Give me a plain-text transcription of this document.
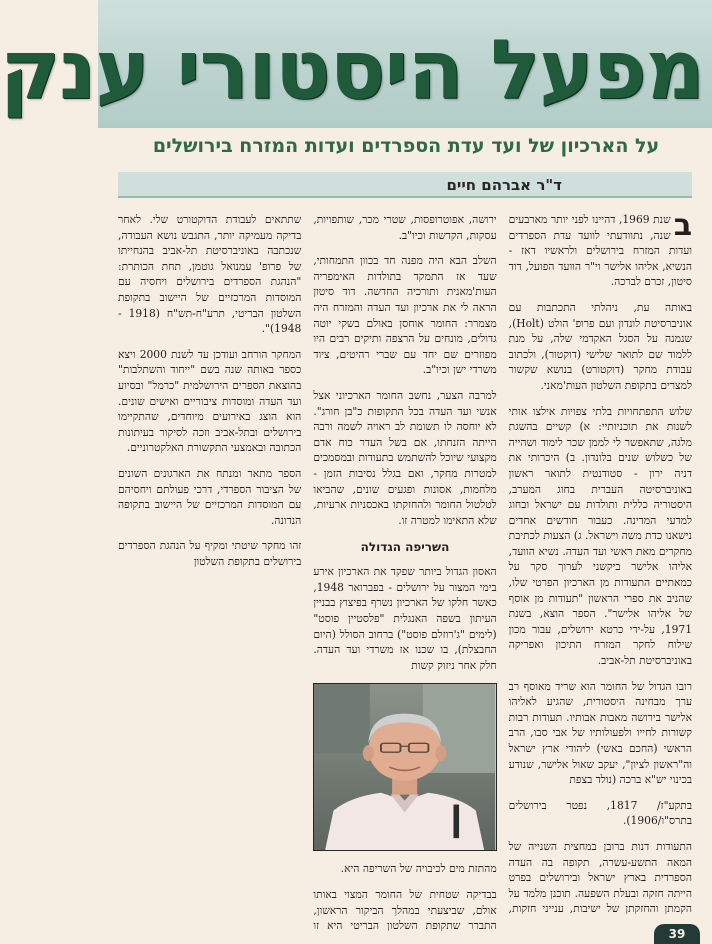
מפעל היסטורי ענק
על הארכיון של ועד עדת הספרדים ועדות המזרח בירושלים
ד"ר אברהם חיים

בשנת 1969, דהיינו לפני יותר מארבעים שנה, נתוודעתי לוועד עדת הספרדים ועדות המזרח בירושלים ולראשיו דאז - הנשיא, אליהו אלישר וי"ר הוועד הפועל, דוד סיטון, זכרם לברכה.

באותה עת, ניהלתי התכתבות עם אוניברסיטת לונדון ועם פרופ' הולט (Holt), שנמנה על הסגל האקדמי שלה, על מנת ללמוד שם לתואר שלישי (דוקטור), ולכתוב עבודת מחקר (דוקטורט) בנושא שקשור למצרים בתקופת השלטון העות'מאני.

שלוש התפתחויות בלתי צפויות אילצו אותי לשנות את תוכניותיי: א) קשיים בהשגת מלגה, שתאפשר לי לממן שכר לימוד ושהייה של כשלוש שנים בלונדון. ב) היכרותי את דניה ירון - סטודנטית לתואר ראשון באוניברסיטה העברית בחוג המערב, היסטוריה כללית ותולדות עם ישראל ובחוג למדעי המדינה. כעבור חודשים אחדים נישאנו כדת משה וישראל. ג) הצעות לכתיבת מחקרים מאת ראשי ועד העדה. נשיא הוועד, אליהו אלישר ביקשני לערוך סקר על כמאתיים התעודות מן הארכיון הפרטי שלו, שהניב את ספרי הראשון "תעודות מן אוסף של אליהו אלישר". הספר הוצא, בשנת 1971, על-ידי כרטא ירושלים, עבור מכון שילוח לחקר המזרח התיכון ואפריקה באוניברסיטת תל-אביב.

רובו הגדול של החומר הוא שריד מאוסף רב ערך מבחינה היסטורית, שהגיע לאליהו אלישר בירושה מאבות אבותיו. תעודות רבות קשורות לחייו ולפעולותיו של אבי סבו, הרב הראשי (החכם באשי) ליהודי ארץ ישראל וה"ראשון לציון", יעקב שאול אלישר, שנודע בכינוי יש"א ברכה (נולד בצפת

בתקע"ז/ 1817, נפטר בירושלים בתרס"ו/1906).

התעודות דנות ברובן במחצית השנייה של המאה התשע-עשרה, תקופה בה העדה הספרדית בארץ ישראל ובירושלים בפרט הייתה חזקה ובעלת השפעה. תוכנן מלמד על הקמתן והחזקתן של ישיבות, ענייני חזקות, ירושה, אפוטרופסות, שטרי מכר, שותפויות, עסקות, הקדשות וכיו"ב.

השלב הבא היה מפנה חד בכוון התמחותי, שעד אז התמקד בתולדות האימפריה העות'מאנית ותורכיה החדשה. דוד סיטון הראה לי את ארכיון ועד העדה והמזרח היה מצמרר: החומר אוחסן באולם בשקי יוטה גדולים, מונחים על הרצפה ותיקים רבים היו מפוזרים שם יחד עם שברי רהיטים, ציוד משרדי ישן וכיו"ב.

למרבה הצער, נחשב החומר הארכיוני אצל אנשי ועד העדה בכל התקופות כ"בן חורג". לא יוחסה לו תשומת לב ראויה לשמה ורבה הייתה הזנחתו, אם בשל העדר כוח אדם מקצועי שיוכל להשתמש בתעודות ובמסמכים למטרות מחקר, ואם בגלל נסיבות הזמן - מלחמות, אסונות ופגעים שונים, שהביאו לטלטול החומר ולהחזקתו באכסניות ארעיות, שלא התאימו למטרה זו.

השריפה הגדולה

האסון הגדול ביותר שפקד את הארכיון אירע בימי המצור על ירושלים - בפברואר 1948, כאשר חלקו של הארכיון נשרף בפיצוץ בבניין העיתון בשפה האנגלית "פלסטיין פוסט" (לימים "ג'רוזלם פוסט") ברחוב הסולל (היום החבצלת), בו שכנו אז משרדי ועד העדה. חלק אחר ניזוק קשות

מהתזת מים לכיבויה של השריפה היא.

בבדיקה שטחית של החומר המצוי באותו אולם, שביצעתי במהלך הביקור הראשון, התברר שתקופת השלטון הבריטי היא זו שתתאים לעבודת הדוקטורט שלי. לאחר בדיקה מעמיקה יותר, התגבש נושא העבודה, שנכתבה באוניברסיטת תל-אביב בהנחייתו של פרופ' עמנואל גוטמן, תחת הכותרת: "הנהגת הספרדים בירושלים ויחסיה עם המוסדות המרכזיים של היישוב בתקופת השלטון הבריטי, תרע"ח-תש"ח (1918 - 1948)".

המחקר הורחב ועודכן עד לשנת 2000 ויצא כספר באותה שנה בשם "ייחוד והשתלבות" בהוצאת הספרים הירושלמית "כרמל" ובסיוע ועד העדה ומוסדות ציבוריים ואישים שונים. הוא הוצג באירועים מיוחדים, שהתקיימו בירושלים ובתל-אביב וזכה לסיקור בעיתונות הכתובה ובאמצעי התקשורת האלקטרוניים.

הספר מתאר ומנתח את הארגונים השונים של הציבור הספרדי, דרכי פעולתם ויחסיהם עם המוסדות המרכזיים של היישוב בתקופה הנדונה.

זהו מחקר שיטתי ומקיף על הנהגת הספרדים בירושלים בתקופת השלטון

39
